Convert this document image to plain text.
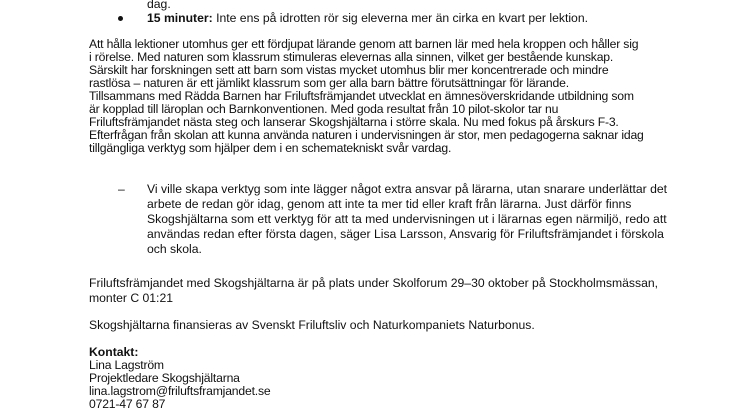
dag.
15 minuter: Inte ens på idrotten rör sig eleverna mer än cirka en kvart per lektion.
Att hålla lektioner utomhus ger ett fördjupat lärande genom att barnen lär med hela kroppen och håller sig
i rörelse. Med naturen som klassrum stimuleras elevernas alla sinnen, vilket ger bestående kunskap.
Särskilt har forskningen sett att barn som vistas mycket utomhus blir mer koncentrerade och mindre
rastlösa – naturen är ett jämlikt klassrum som ger alla barn bättre förutsättningar för lärande.
Tillsammans med Rädda Barnen har Friluftsfrämjandet utvecklat en ämnesöverskridande utbildning som
är kopplad till läroplan och Barnkonventionen. Med goda resultat från 10 pilot-skolor tar nu
Friluftsfrämjandet nästa steg och lanserar Skogshjältarna i större skala. Nu med fokus på årskurs F-3.
Efterfrågan från skolan att kunna använda naturen i undervisningen är stor, men pedagogerna saknar idag
tillgängliga verktyg som hjälper dem i en schematekniskt svår vardag.
– Vi ville skapa verktyg som inte lägger något extra ansvar på lärarna, utan snarare underlättar det
arbete de redan gör idag, genom att inte ta mer tid eller kraft från lärarna. Just därför finns
Skogshjältarna som ett verktyg för att ta med undervisningen ut i lärarnas egen närmiljö, redo att
användas redan efter första dagen, säger Lisa Larsson, Ansvarig för Friluftsfrämjandet i förskola
och skola.
Friluftsfrämjandet med Skogshjältarna är på plats under Skolforum 29–30 oktober på Stockholmsmässan,
monter C 01:21
Skogshjältarna finansieras av Svenskt Friluftsliv och Naturkompaniets Naturbonus.
Kontakt:
Lina Lagström
Projektledare Skogshjältarna
lina.lagstrom@friluftsframjandet.se
0721-47 67 87
